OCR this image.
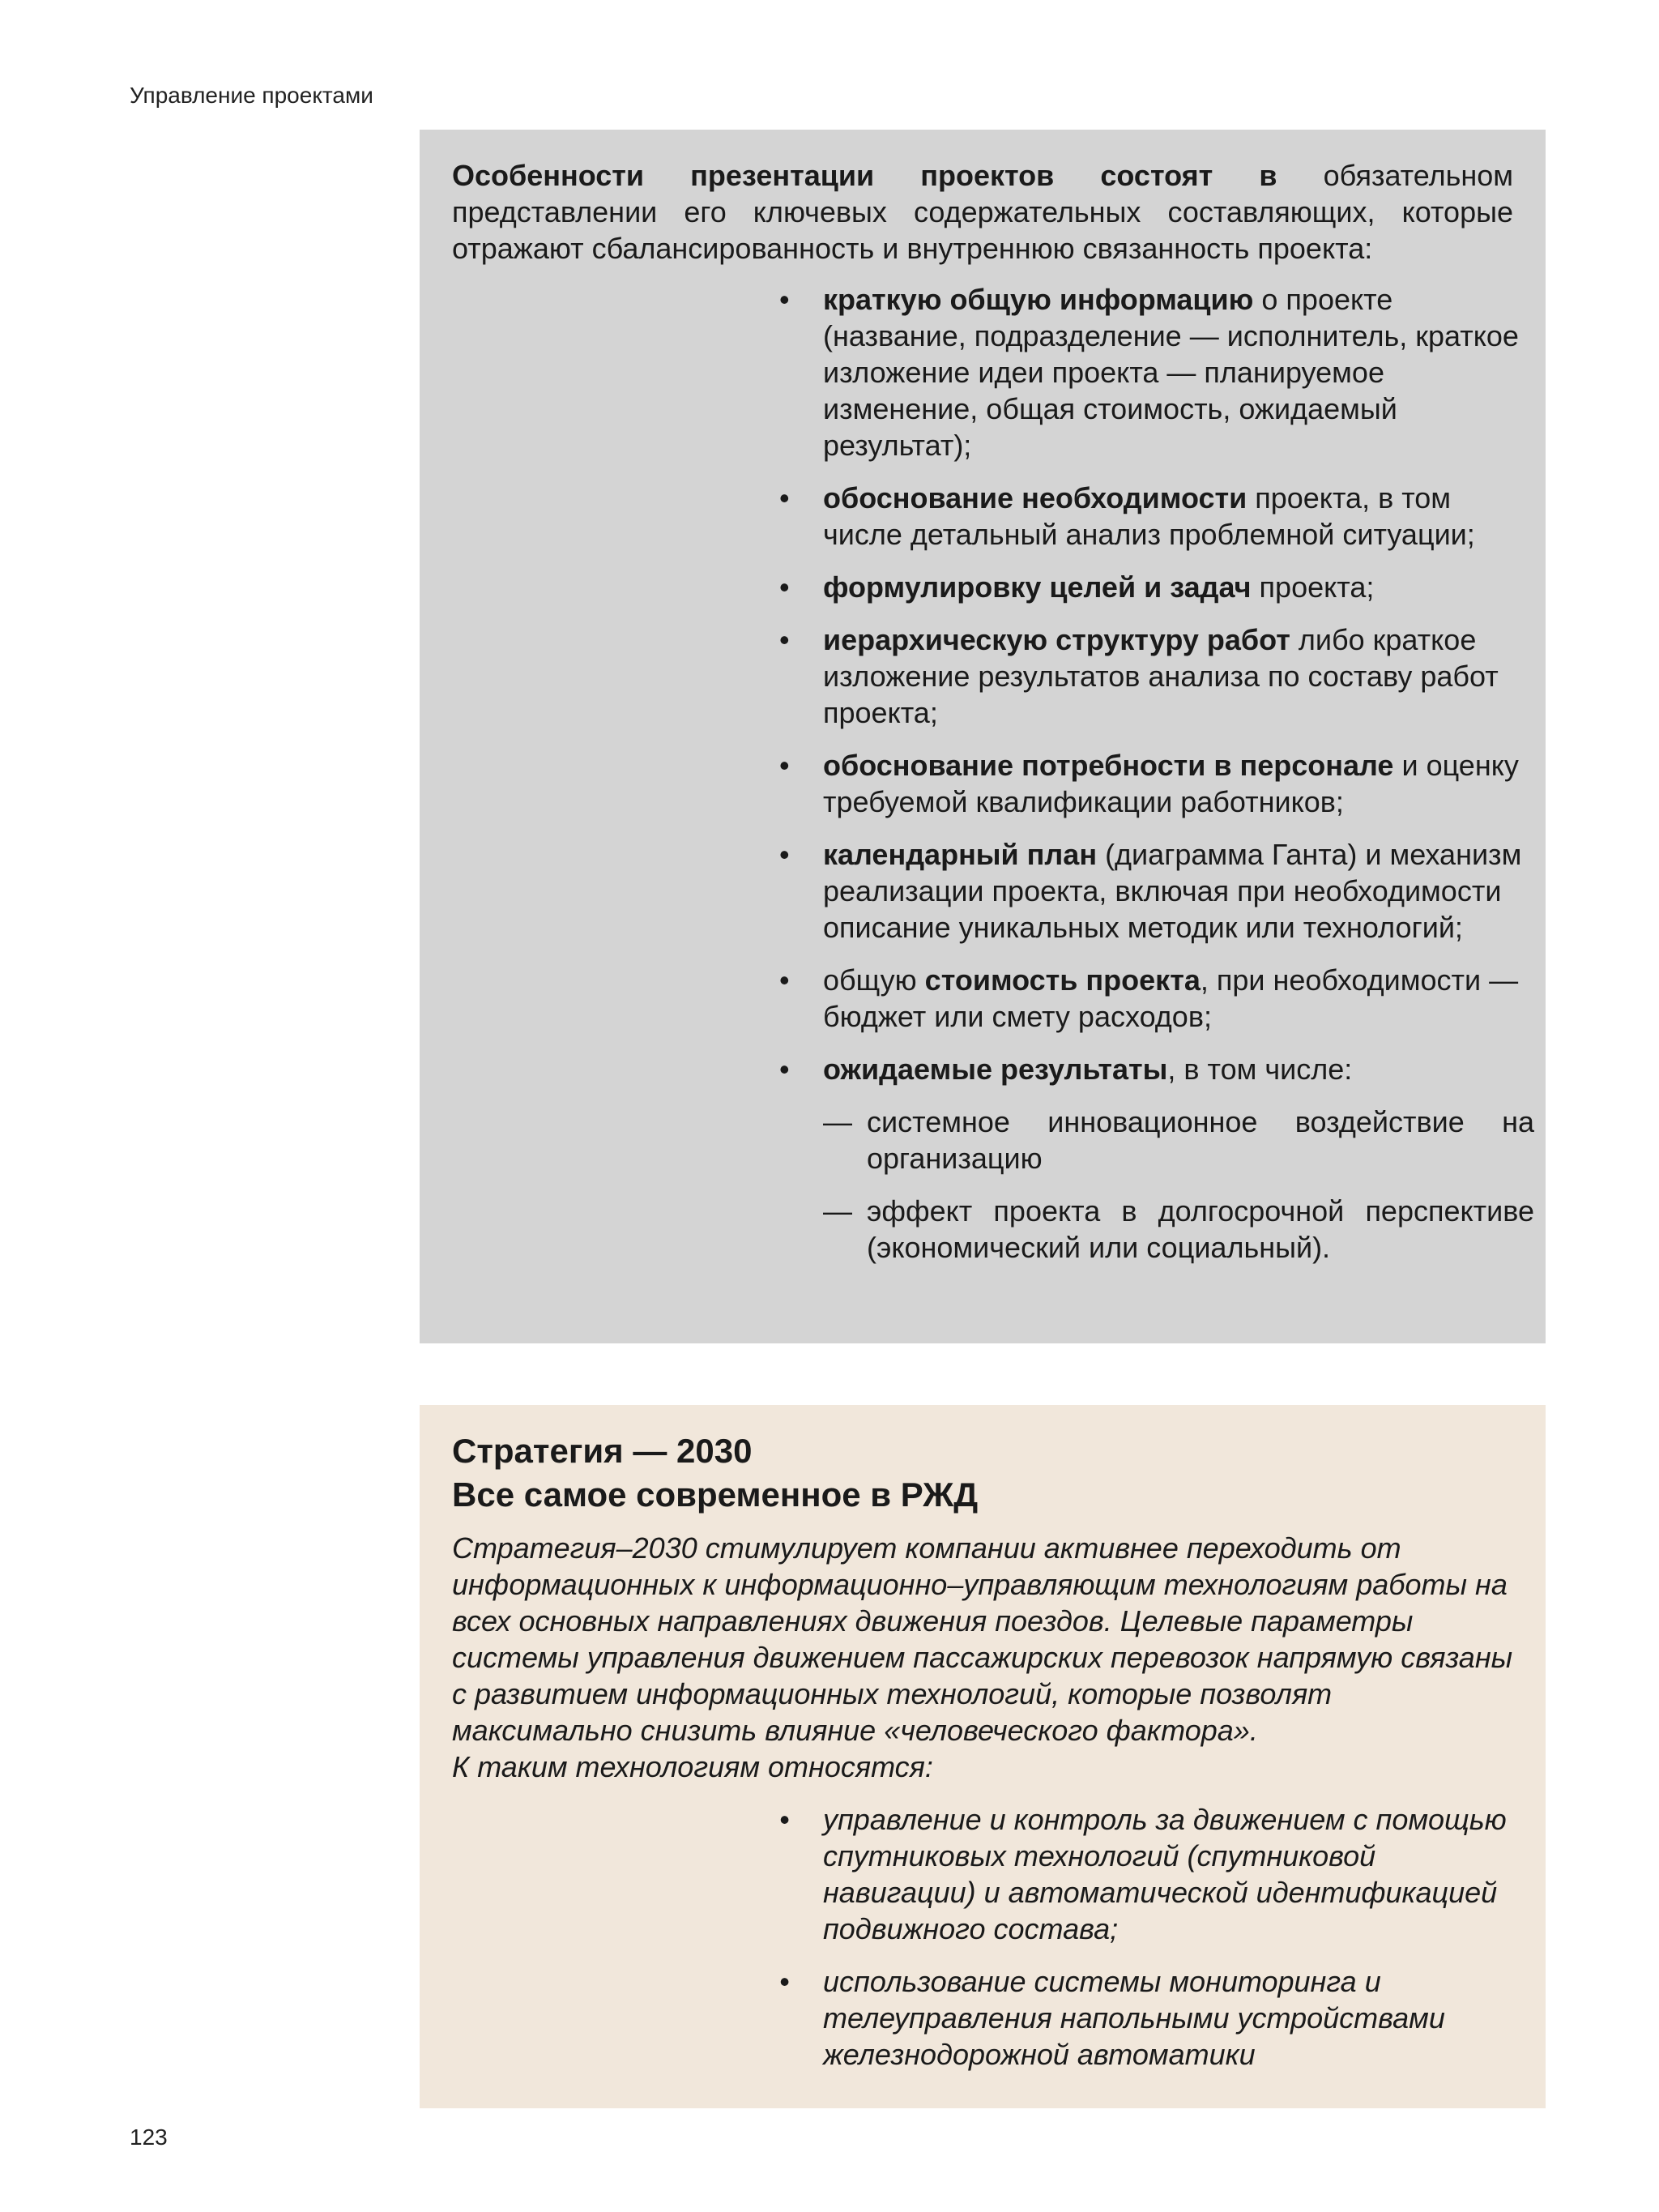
Управление проектами

Особенности презентации проектов состоят в обязательном представлении его ключевых содержательных составляющих, которые отражают сбалансированность и внутреннюю связанность проекта:

• краткую общую информацию о проекте (название, подразделение — исполнитель, краткое изложение идеи проекта — планируемое изменение, общая стоимость, ожидаемый результат);
• обоснование необходимости проекта, в том числе детальный анализ проблемной ситуации;
• формулировку целей и задач проекта;
• иерархическую структуру работ либо краткое изложение результатов анализа по составу работ проекта;
• обоснование потребности в персонале и оценку требуемой квалификации работников;
• календарный план (диаграмма Ганта) и механизм реализации проекта, включая при необходимости описание уникальных методик или технологий;
• общую стоимость проекта, при необходимости — бюджет или смету расходов;
• ожидаемые результаты, в том числе:
— системное инновационное воздействие на организацию
— эффект проекта в долгосрочной перспективе (экономический или социальный).
Стратегия — 2030
Все самое современное в РЖД

Стратегия–2030 стимулирует компании активнее переходить от информационных к информационно–управляющим технологиям работы на всех основных направлениях движения поездов. Целевые параметры системы управления движением пассажирских перевозок напрямую связаны с развитием информационных технологий, которые позволят максимально снизить влияние «человеческого фактора».
К таким технологиям относятся:

• управление и контроль за движением с помощью спутниковых технологий (спутниковой навигации) и автоматической идентификацией подвижного состава;
• использование системы мониторинга и телеуправления напольными устройствами железнодорожной автоматики
123
